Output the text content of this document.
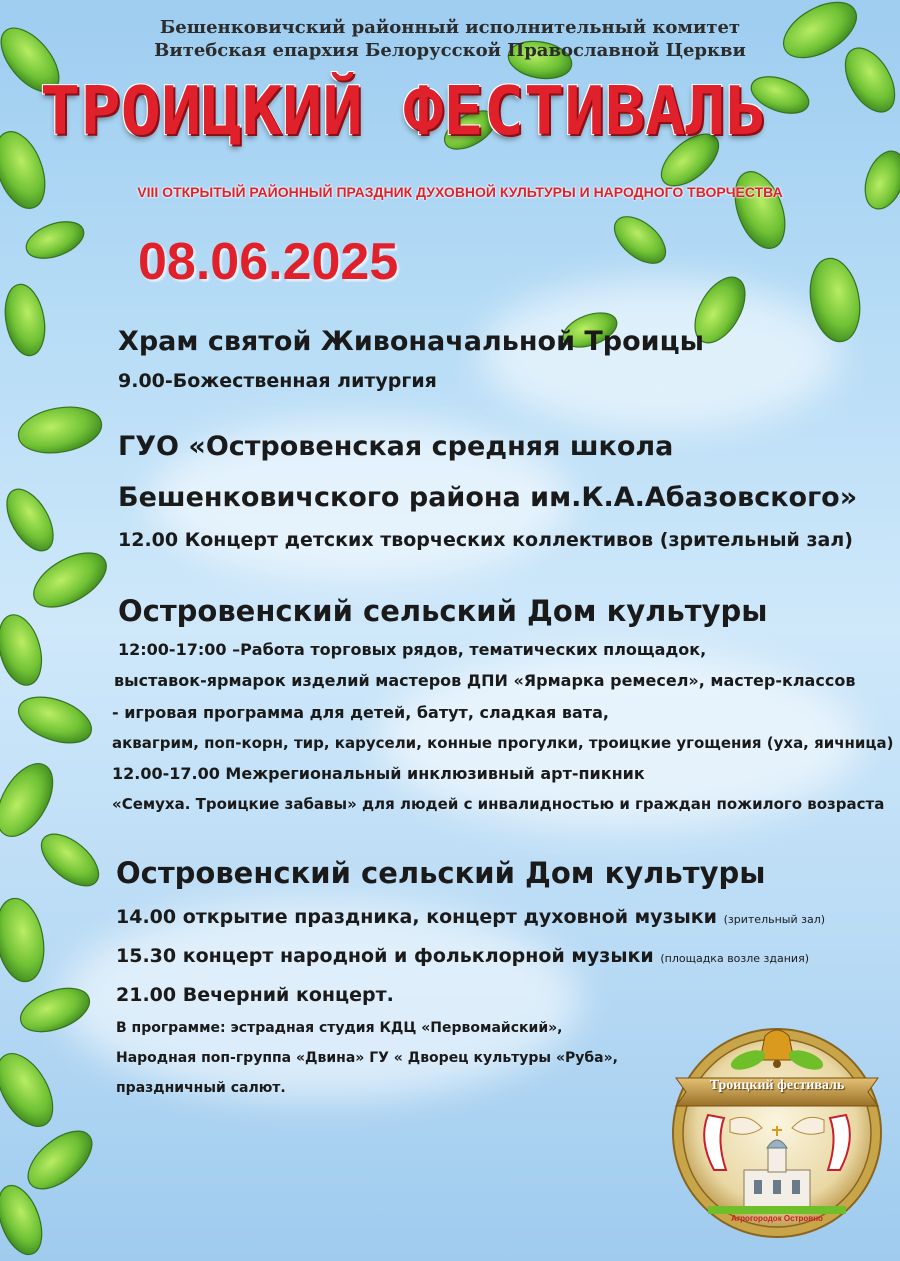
Бешенковичский районный исполнительный комитет
Витебская епархия Белорусской Православной Церкви
ТРОИЦКИЙ ФЕСТИВАЛЬ
VIII ОТКРЫТЫЙ РАЙОННЫЙ ПРАЗДНИК ДУХОВНОЙ КУЛЬТУРЫ И НАРОДНОГО ТВОРЧЕСТВА
08.06.2025
Храм святой Живоначальной Троицы
9.00-Божественная литургия
ГУО «Островенская средняя школа
Бешенковичского района им.К.А.Абазовского»
12.00 Концерт детских творческих коллективов (зрительный зал)
Островенский сельский Дом культуры
12:00-17:00 –Работа торговых рядов, тематических площадок,
выставок-ярмарок изделий мастеров ДПИ «Ярмарка ремесел», мастер-классов
- игровая программа для детей, батут, сладкая вата,
аквагрим, поп-корн, тир, карусели, конные прогулки, троицкие угощения (уха, яичница)
12.00-17.00 Межрегиональный инклюзивный арт-пикник
«Семуха. Троицкие забавы» для людей с инвалидностью и граждан пожилого возраста
Островенский сельский Дом культуры
14.00 открытие праздника, концерт духовной музыки (зрительный зал)
15.30 концерт народной и фольклорной музыки (площадка возле здания)
21.00 Вечерний концерт.
В программе: эстрадная студия КДЦ «Первомайский»,
Народная поп-группа «Двина» ГУ « Дворец культуры «Руба»,
праздничный салют.	Троицкий фестиваль
Агрогородок Островно
